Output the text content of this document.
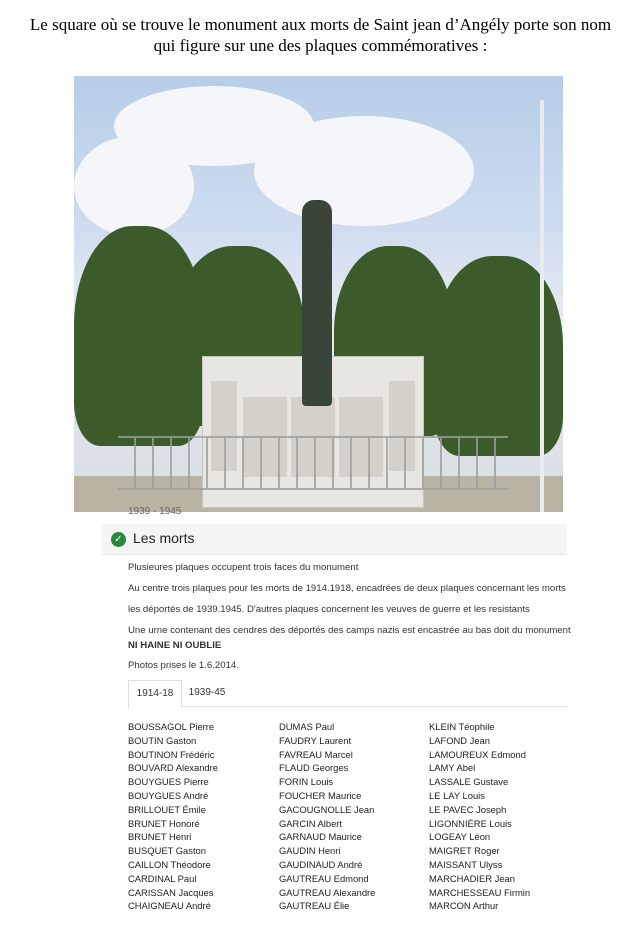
Le square où se trouve le monument aux morts de Saint jean d’Angély porte son nom
qui figure sur une des plaques commémoratives :
1939 - 1945
✓ Les morts
Plusieures plaques occupent trois faces du monument
Au centre trois plaques pour les morts de 1914.1918, encadrées de deux plaques concernant les morts
les déportés de 1939.1945. D'autres plaques concernent les veuves de guerre et les resistants
Une urne contenant des cendres des déportés des camps nazis est encastrée au bas doit du monument
NI HAINE NI OUBLIE
Photos prises le 1.6.2014.
1914-18	1939-45
BOUSSAGOL Pierre
BOUTIN Gaston
BOUTINON Frédéric
BOUVARD Alexandre
BOUYGUES Pierre
BOUYGUES André
BRILLOUET Émile
BRUNET Honoré
BRUNET Henri
BUSQUET Gaston
CAILLON Théodore
CARDINAL Paul
CARISSAN Jacques
CHAIGNEAU André
DUMAS Paul
FAUDRY Laurent
FAVREAU Marcel
FLAUD Georges
FORIN Louis
FOUCHER Maurice
GACOUGNOLLE Jean
GARCIN Albert
GARNAUD Maurice
GAUDIN Henri
GAUDINAUD André
GAUTREAU Edmond
GAUTREAU Alexandre
GAUTREAU Élie
KLEIN Téophile
LAFOND Jean
LAMOUREUX Edmond
LAMY Abel
LASSALE Gustave
LE LAY Louis
LE PAVEC Joseph
LIGONNIÈRE Louis
LOGEAY Léon
MAIGRET Roger
MAISSANT Ulyss
MARCHADIER Jean
MARCHESSEAU Firmin
MARCON Arthur
